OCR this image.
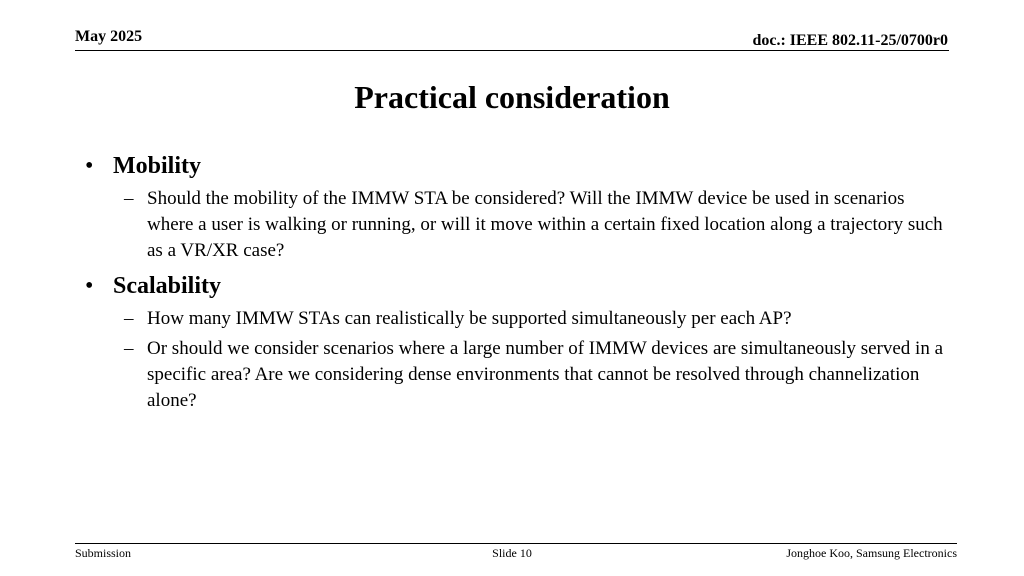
May 2025	doc.: IEEE 802.11-25/0700r0
Practical consideration
• Mobility
– Should the mobility of the IMMW STA be considered? Will the IMMW device be used in scenarios where a user is walking or running, or will it move within a certain fixed location along a trajectory such as a VR/XR case?
• Scalability
– How many IMMW STAs can realistically be supported simultaneously per each AP?
– Or should we consider scenarios where a large number of IMMW devices are simultaneously served in a specific area? Are we considering dense environments that cannot be resolved through channelization alone?
Submission	Slide 10	Jonghoe Koo, Samsung Electronics
